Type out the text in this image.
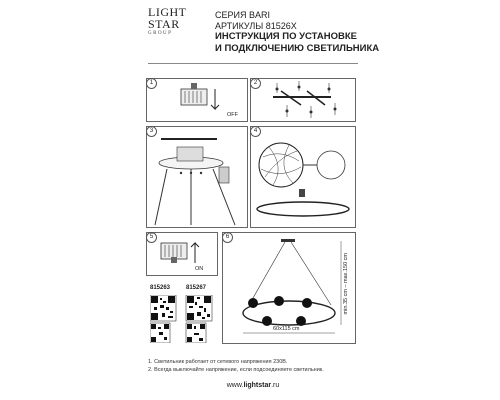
LIGHT
STAR
GROUP
СЕРИЯ BARI
АРТИКУЛЫ 81526X
ИНСТРУКЦИЯ ПО УСТАНОВКЕ
И ПОДКЛЮЧЕНИЮ СВЕТИЛЬНИКА
1
OFF
2
3	4
5
ON
6
min.35 cm – max.150 cm
60x115 cm
815263	815267
1. Светильник работает от сетевого напряжения 230В.
2. Всегда выключайте напряжение, если подсоединяете светильник.
www.lightstar.ru
